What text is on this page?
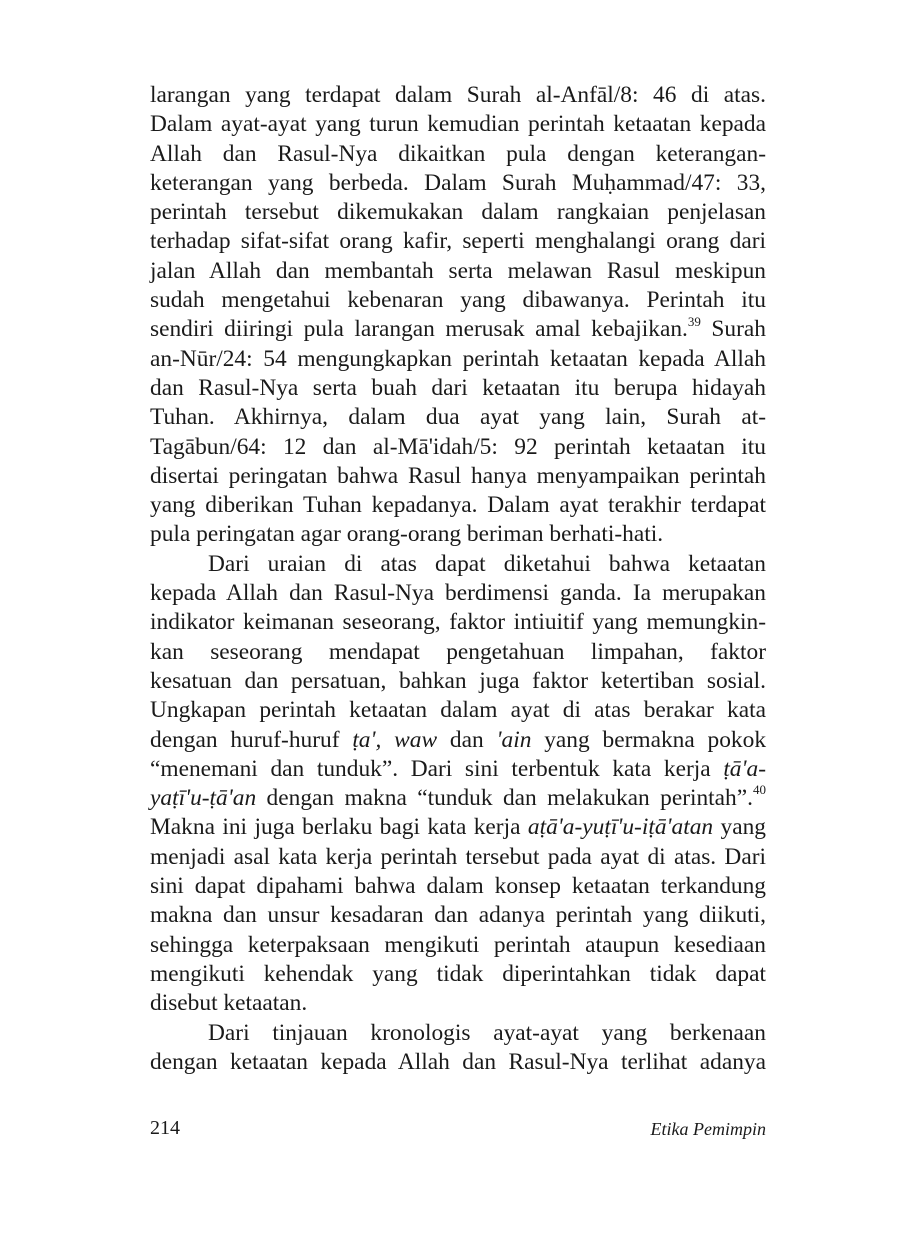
larangan yang terdapat dalam Surah al-Anfāl/8: 46 di atas.
Dalam ayat-ayat yang turun kemudian perintah ketaatan kepada
Allah dan Rasul-Nya dikaitkan pula dengan keterangan-
keterangan yang berbeda. Dalam Surah Muḥammad/47: 33,
perintah tersebut dikemukakan dalam rangkaian penjelasan
terhadap sifat-sifat orang kafir, seperti menghalangi orang dari
jalan Allah dan membantah serta melawan Rasul meskipun
sudah mengetahui kebenaran yang dibawanya. Perintah itu
sendiri diiringi pula larangan merusak amal kebajikan.$^{39}$ Surah
an-Nūr/24: 54 mengungkapkan perintah ketaatan kepada Allah
dan Rasul-Nya serta buah dari ketaatan itu berupa hidayah
Tuhan. Akhirnya, dalam dua ayat yang lain, Surah at-
Tagābun/64: 12 dan al-Mā'idah/5: 92 perintah ketaatan itu
disertai peringatan bahwa Rasul hanya menyampaikan perintah
yang diberikan Tuhan kepadanya. Dalam ayat terakhir terdapat
pula peringatan agar orang-orang beriman berhati-hati.
Dari uraian di atas dapat diketahui bahwa ketaatan
kepada Allah dan Rasul-Nya berdimensi ganda. Ia merupakan
indikator keimanan seseorang, faktor intiuitif yang memungkin-
kan seseorang mendapat pengetahuan limpahan, faktor
kesatuan dan persatuan, bahkan juga faktor ketertiban sosial.
Ungkapan perintah ketaatan dalam ayat di atas berakar kata
dengan huruf-huruf ṭa', waw dan 'ain yang bermakna pokok
“menemani dan tunduk”. Dari sini terbentuk kata kerja ṭā'a-
yaṭī'u-ṭā'an dengan makna “tunduk dan melakukan perintah”.$^{40}$
Makna ini juga berlaku bagi kata kerja aṭā'a-yuṭī'u-iṭā'atan yang
menjadi asal kata kerja perintah tersebut pada ayat di atas. Dari
sini dapat dipahami bahwa dalam konsep ketaatan terkandung
makna dan unsur kesadaran dan adanya perintah yang diikuti,
sehingga keterpaksaan mengikuti perintah ataupun kesediaan
mengikuti kehendak yang tidak diperintahkan tidak dapat
disebut ketaatan.
Dari tinjauan kronologis ayat-ayat yang berkenaan
dengan ketaatan kepada Allah dan Rasul-Nya terlihat adanya
214	Etika Pemimpin
